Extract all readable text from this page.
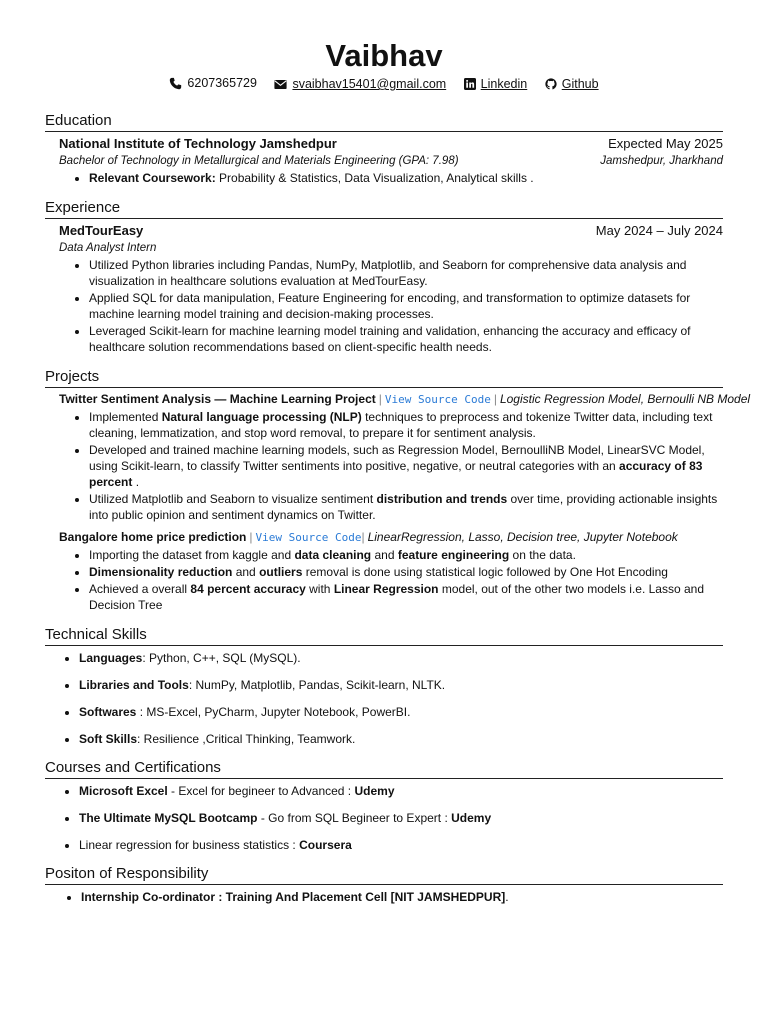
Vaibhav
6207365729
	svaibhav15401@gmail.com
	Linkedin
	Github
Education
National Institute of Technology Jamshedpur	Expected May 2025
Bachelor of Technology in Metallurgical and Materials Engineering (GPA: 7.98)	Jamshedpur, Jharkhand
• Relevant Coursework: Probability & Statistics, Data Visualization, Analytical skills .
Experience
MedTourEasy	May 2024 – July 2024
Data Analyst Intern
• Utilized Python libraries including Pandas, NumPy, Matplotlib, and Seaborn for comprehensive data analysis and visualization in healthcare solutions evaluation at MedTourEasy.
• Applied SQL for data manipulation, Feature Engineering for encoding, and transformation to optimize datasets for machine learning model training and decision-making processes.
• Leveraged Scikit-learn for machine learning model training and validation, enhancing the accuracy and efficacy of healthcare solution recommendations based on client-specific health needs.
Projects
Twitter Sentiment Analysis — Machine Learning Project | View Source Code | Logistic Regression Model, Bernoulli NB Model
• Implemented Natural language processing (NLP) techniques to preprocess and tokenize Twitter data, including text cleaning, lemmatization, and stop word removal, to prepare it for sentiment analysis.
• Developed and trained machine learning models, such as Regression Model, BernoulliNB Model, LinearSVC Model, using Scikit-learn, to classify Twitter sentiments into positive, negative, or neutral categories with an accuracy of 83 percent .
• Utilized Matplotlib and Seaborn to visualize sentiment distribution and trends over time, providing actionable insights into public opinion and sentiment dynamics on Twitter.
Bangalore home price prediction | View Source Code| LinearRegression, Lasso, Decision tree, Jupyter Notebook
• Importing the dataset from kaggle and data cleaning and feature engineering on the data.
• Dimensionality reduction and outliers removal is done using statistical logic followed by One Hot Encoding
• Achieved a overall 84 percent accuracy with Linear Regression model, out of the other two models i.e. Lasso and Decision Tree
Technical Skills
• Languages: Python, C++, SQL (MySQL).
• Libraries and Tools: NumPy, Matplotlib, Pandas, Scikit-learn, NLTK.
• Softwares : MS-Excel, PyCharm, Jupyter Notebook, PowerBI.
• Soft Skills: Resilience ,Critical Thinking, Teamwork.
Courses and Certifications
• Microsoft Excel - Excel for begineer to Advanced : Udemy
• The Ultimate MySQL Bootcamp - Go from SQL Begineer to Expert : Udemy
• Linear regression for business statistics : Coursera
Positon of Responsibility
• Internship Co-ordinator : Training And Placement Cell [NIT JAMSHEDPUR].
